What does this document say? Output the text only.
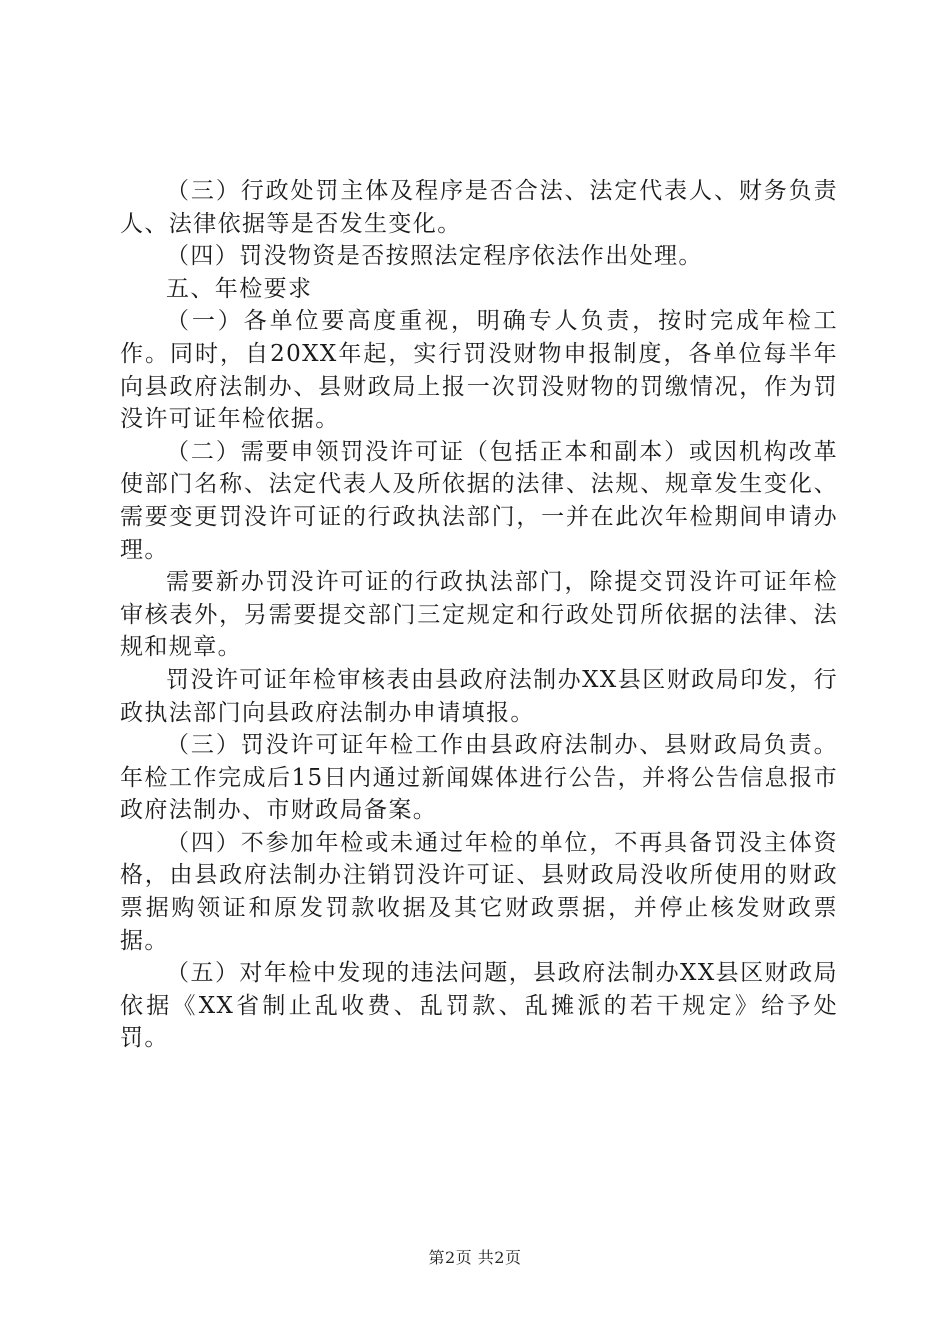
（三）行政处罚主体及程序是否合法、法定代表人、财务负责人、法律依据等是否发生变化。

（四）罚没物资是否按照法定程序依法作出处理。

五、年检要求

（一）各单位要高度重视，明确专人负责，按时完成年检工作。同时，自20XX年起，实行罚没财物申报制度，各单位每半年向县政府法制办、县财政局上报一次罚没财物的罚缴情况，作为罚没许可证年检依据。

（二）需要申领罚没许可证（包括正本和副本）或因机构改革使部门名称、法定代表人及所依据的法律、法规、规章发生变化、需要变更罚没许可证的行政执法部门，一并在此次年检期间申请办理。

需要新办罚没许可证的行政执法部门，除提交罚没许可证年检审核表外，另需要提交部门三定规定和行政处罚所依据的法律、法规和规章。

罚没许可证年检审核表由县政府法制办XX县区财政局印发，行政执法部门向县政府法制办申请填报。

（三）罚没许可证年检工作由县政府法制办、县财政局负责。年检工作完成后15日内通过新闻媒体进行公告，并将公告信息报市政府法制办、市财政局备案。

（四）不参加年检或未通过年检的单位，不再具备罚没主体资格，由县政府法制办注销罚没许可证、县财政局没收所使用的财政票据购领证和原发罚款收据及其它财政票据，并停止核发财政票据。

（五）对年检中发现的违法问题，县政府法制办XX县区财政局依据《XX省制止乱收费、乱罚款、乱摊派的若干规定》给予处罚。

第2页 共2页
